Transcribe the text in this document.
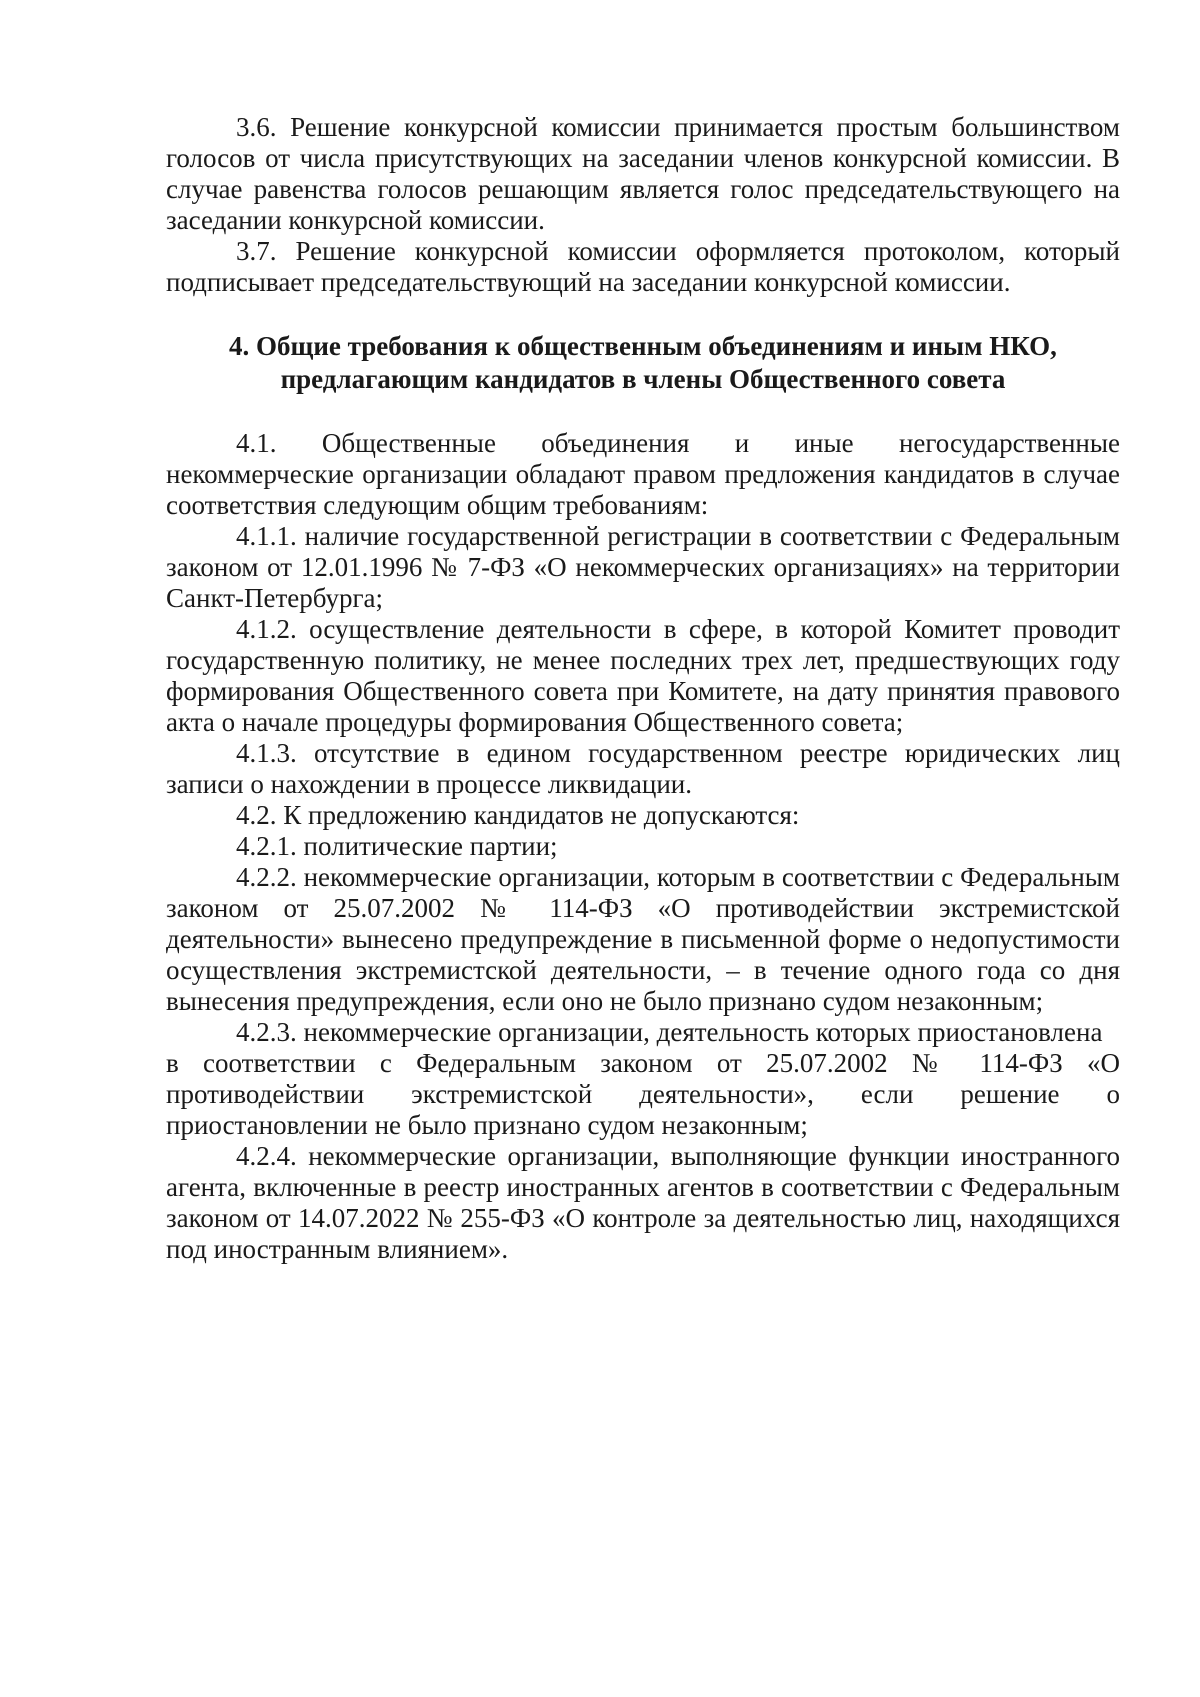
3.6. Решение конкурсной комиссии принимается простым большинством голосов от числа присутствующих на заседании членов конкурсной комиссии. В случае равенства голосов решающим является голос председательствующего на заседании конкурсной комиссии.

3.7. Решение конкурсной комиссии оформляется протоколом, который подписывает председательствующий на заседании конкурсной комиссии.

4. Общие требования к общественным объединениям и иным НКО,
предлагающим кандидатов в члены Общественного совета

4.1. Общественные объединения и иные негосударственные некоммерческие организации обладают правом предложения кандидатов в случае соответствия следующим общим требованиям:

4.1.1. наличие государственной регистрации в соответствии с Федеральным законом от 12.01.1996 № 7-ФЗ «О некоммерческих организациях» на территории Санкт-Петербурга;

4.1.2. осуществление деятельности в сфере, в которой Комитет проводит государственную политику, не менее последних трех лет, предшествующих году формирования Общественного совета при Комитете, на дату принятия правового акта о начале процедуры формирования Общественного совета;

4.1.3. отсутствие в едином государственном реестре юридических лиц записи о нахождении в процессе ликвидации.

4.2. К предложению кандидатов не допускаются:

4.2.1. политические партии;

4.2.2. некоммерческие организации, которым в соответствии с Федеральным законом от 25.07.2002 № 114-ФЗ «О противодействии экстремистской деятельности» вынесено предупреждение в письменной форме о недопустимости осуществления экстремистской деятельности, – в течение одного года со дня вынесения предупреждения, если оно не было признано судом незаконным;

4.2.3. некоммерческие организации, деятельность которых приостановлена

в соответствии с Федеральным законом от 25.07.2002 № 114-ФЗ «О противодействии экстремистской деятельности», если решение о приостановлении не было признано судом незаконным;

4.2.4. некоммерческие организации, выполняющие функции иностранного агента, включенные в реестр иностранных агентов в соответствии с Федеральным законом от 14.07.2022 № 255-ФЗ «О контроле за деятельностью лиц, находящихся под иностранным влиянием».
